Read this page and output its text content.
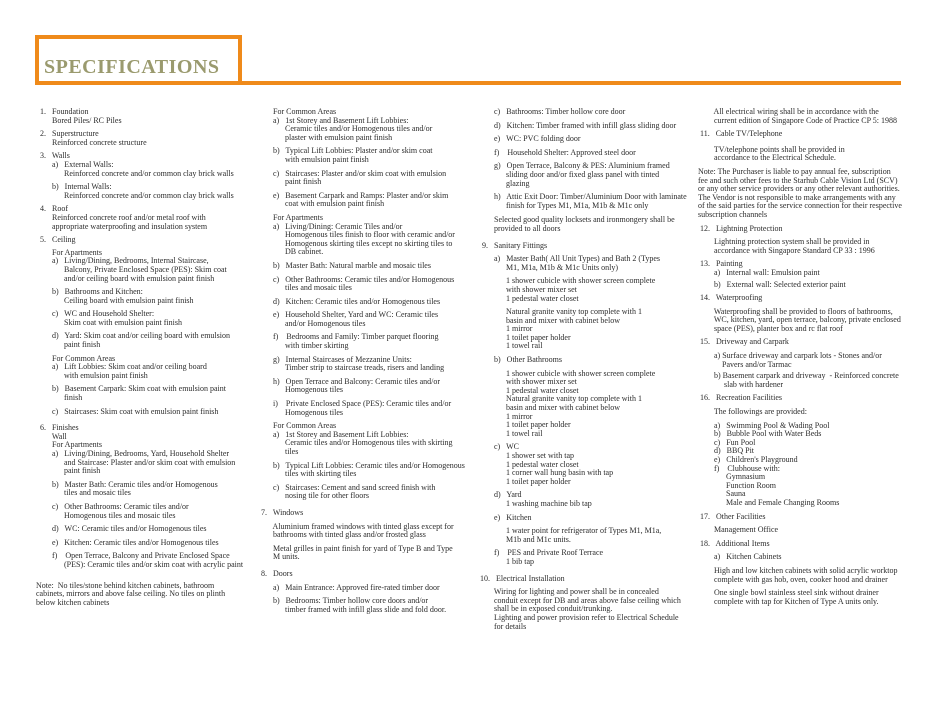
SPECIFICATIONS
1.   Foundation
Bored Piles/ RC Piles
2.   Superstructure
Reinforced concrete structure
3.   Walls
a)   External Walls:
Reinforced concrete and/or common clay brick walls
b)   Internal Walls:
Reinforced concrete and/or common clay brick walls
4.   Roof
Reinforced concrete roof and/or metal roof with
appropriate waterproofing and insulation system
5.   Ceiling
For Apartments
a)   Living/Dining, Bedrooms, Internal Staircase,
Balcony, Private Enclosed Space (PES): Skim coat
and/or ceiling board with emulsion paint finish
b)   Bathrooms and Kitchen:
Ceiling board with emulsion paint finish
c)   WC and Household Shelter:
Skim coat with emulsion paint finish
d)   Yard: Skim coat and/or ceiling board with emulsion
paint finish
For Common Areas
a)   Lift Lobbies: Skim coat and/or ceiling board
with emulsion paint finish
b)   Basement Carpark: Skim coat with emulsion paint
finish
c)   Staircases: Skim coat with emulsion paint finish
6.   Finishes
Wall
For Apartments
a)   Living/Dining, Bedrooms, Yard, Household Shelter
and Staircase: Plaster and/or skim coat with emulsion
paint finish
b)   Master Bath: Ceramic tiles and/or Homogenous
tiles and mosaic tiles
c)   Other Bathrooms: Ceramic tiles and/or
Homogenous tiles and mosaic tiles
d)   WC: Ceramic tiles and/or Homogenous tiles
e)   Kitchen: Ceramic tiles and/or Homogenous tiles
f)    Open Terrace, Balcony and Private Enclosed Space
(PES): Ceramic tiles and/or skim coat with acrylic paint
Note:  No tiles/stone behind kitchen cabinets, bathroom
cabinets, mirrors and above false ceiling. No tiles on plinth
below kitchen cabinets
For Common Areas
a)   1st Storey and Basement Lift Lobbies:
Ceramic tiles and/or Homogenous tiles and/or
plaster with emulsion paint finish
b)   Typical Lift Lobbies: Plaster and/or skim coat
with emulsion paint finish
c)   Staircases: Plaster and/or skim coat with emulsion
paint finish
e)   Basement Carpark and Ramps: Plaster and/or skim
coat with emulsion paint finish
For Apartments
a)   Living/Dining: Ceramic Tiles and/or
Homogenous tiles finish to floor with ceramic and/or
Homogenous skirting tiles except no skirting tiles to
DB cabinet.
b)   Master Bath: Natural marble and mosaic tiles
c)   Other Bathrooms: Ceramic tiles and/or Homogenous
tiles and mosaic tiles
d)   Kitchen: Ceramic tiles and/or Homogenous tiles
e)   Household Shelter, Yard and WC: Ceramic tiles
and/or Homogenous tiles
f)    Bedrooms and Family: Timber parquet flooring
with timber skirting
g)   Internal Staircases of Mezzanine Units:
Timber strip to staircase treads, risers and landing
h)   Open Terrace and Balcony: Ceramic tiles and/or
Homogenous tiles
i)    Private Enclosed Space (PES): Ceramic tiles and/or
Homogenous tiles
For Common Areas
a)   1st Storey and Basement Lift Lobbies:
Ceramic tiles and/or Homogenous tiles with skirting
tiles
b)   Typical Lift Lobbies: Ceramic tiles and/or Homogenous
tiles with skirting tiles
c)   Staircases: Cement and sand screed finish with
nosing tile for other floors
7.   Windows
Aluminium framed windows with tinted glass except for
bathrooms with tinted glass and/or frosted glass
Metal grilles in paint finish for yard of Type B and Type
M units.
8.   Doors
a)   Main Entrance: Approved fire-rated timber door
b)   Bedrooms: Timber hollow core doors and/or
timber framed with infill glass slide and fold door.
c)   Bathrooms: Timber hollow core door
d)   Kitchen: Timber framed with infill glass sliding door
e)   WC: PVC folding door
f)    Household Shelter: Approved steel door
g)   Open Terrace, Balcony & PES: Aluminium framed
sliding door and/or fixed glass panel with tinted
glazing
h)   Attic Exit Door: Timber/Aluminium Door with laminate
finish for Types M1, M1a, M1b & M1c only
Selected good quality locksets and ironmongery shall be
provided to all doors
9.   Sanitary Fittings
a)   Master Bath( All Unit Types) and Bath 2 (Types
M1, M1a, M1b & M1c Units only)
1 shower cubicle with shower screen complete
with shower mixer set
1 pedestal water closet
Natural granite vanity top complete with 1
basin and mixer with cabinet below
1 mirror
1 toilet paper holder
1 towel rail
b)   Other Bathrooms
1 shower cubicle with shower screen complete
with shower mixer set
1 pedestal water closet
Natural granite vanity top complete with 1
basin and mixer with cabinet below
1 mirror
1 toilet paper holder
1 towel rail
c)   WC
1 shower set with tap
1 pedestal water closet
1 corner wall hung basin with tap
1 toilet paper holder
d)   Yard
1 washing machine bib tap
e)   Kitchen
1 water point for refrigerator of Types M1, M1a,
M1b and M1c units.
f)    PES and Private Roof Terrace
1 bib tap
10.   Electrical Installation
Wiring for lighting and power shall be in concealed
conduit except for DB and areas above false ceiling which
shall be in exposed conduit/trunking.
Lighting and power provision refer to Electrical Schedule
for details
All electrical wiring shall be in accordance with the
current edition of Singapore Code of Practice CP 5: 1988
11.   Cable TV/Telephone
TV/telephone points shall be provided in
accordance to the Electrical Schedule.
Note: The Purchaser is liable to pay annual fee, subscription
fee and such other fees to the Starhub Cable Vision Ltd (SCV)
or any other service providers or any other relevant authorities.
The Vendor is not responsible to make arrangements with any
of the said parties for the service connection for their respective
subscription channels
12.   Lightning Protection
Lightning protection system shall be provided in
accordance with Singapore Standard CP 33 : 1996
13.   Painting
a)   Internal wall: Emulsion paint
b)   External wall: Selected exterior paint
14.   Waterproofing
Waterproofing shall be provided to floors of bathrooms,
WC, kitchen, yard, open terrace, balcony, private enclosed
space (PES), planter box and rc flat roof
15.   Driveway and Carpark
a) Surface driveway and carpark lots - Stones and/or
Pavers and/or Tarmac
b) Basement carpark and driveway  - Reinforced concrete
slab with hardener
16.   Recreation Facilities
The followings are provided:
a)   Swimming Pool & Wading Pool
b)   Bubble Pool with Water Beds
c)   Fun Pool
d)   BBQ Pit
e)   Children's Playground
f)    Clubhouse with:
Gymnasium
Function Room
Sauna
Male and Female Changing Rooms
17.   Other Facilities
Management Office
18.   Additional Items
a)   Kitchen Cabinets
High and low kitchen cabinets with solid acrylic worktop
complete with gas hob, oven, cooker hood and drainer
One single bowl stainless steel sink without drainer
complete with tap for Kitchen of Type A units only.
